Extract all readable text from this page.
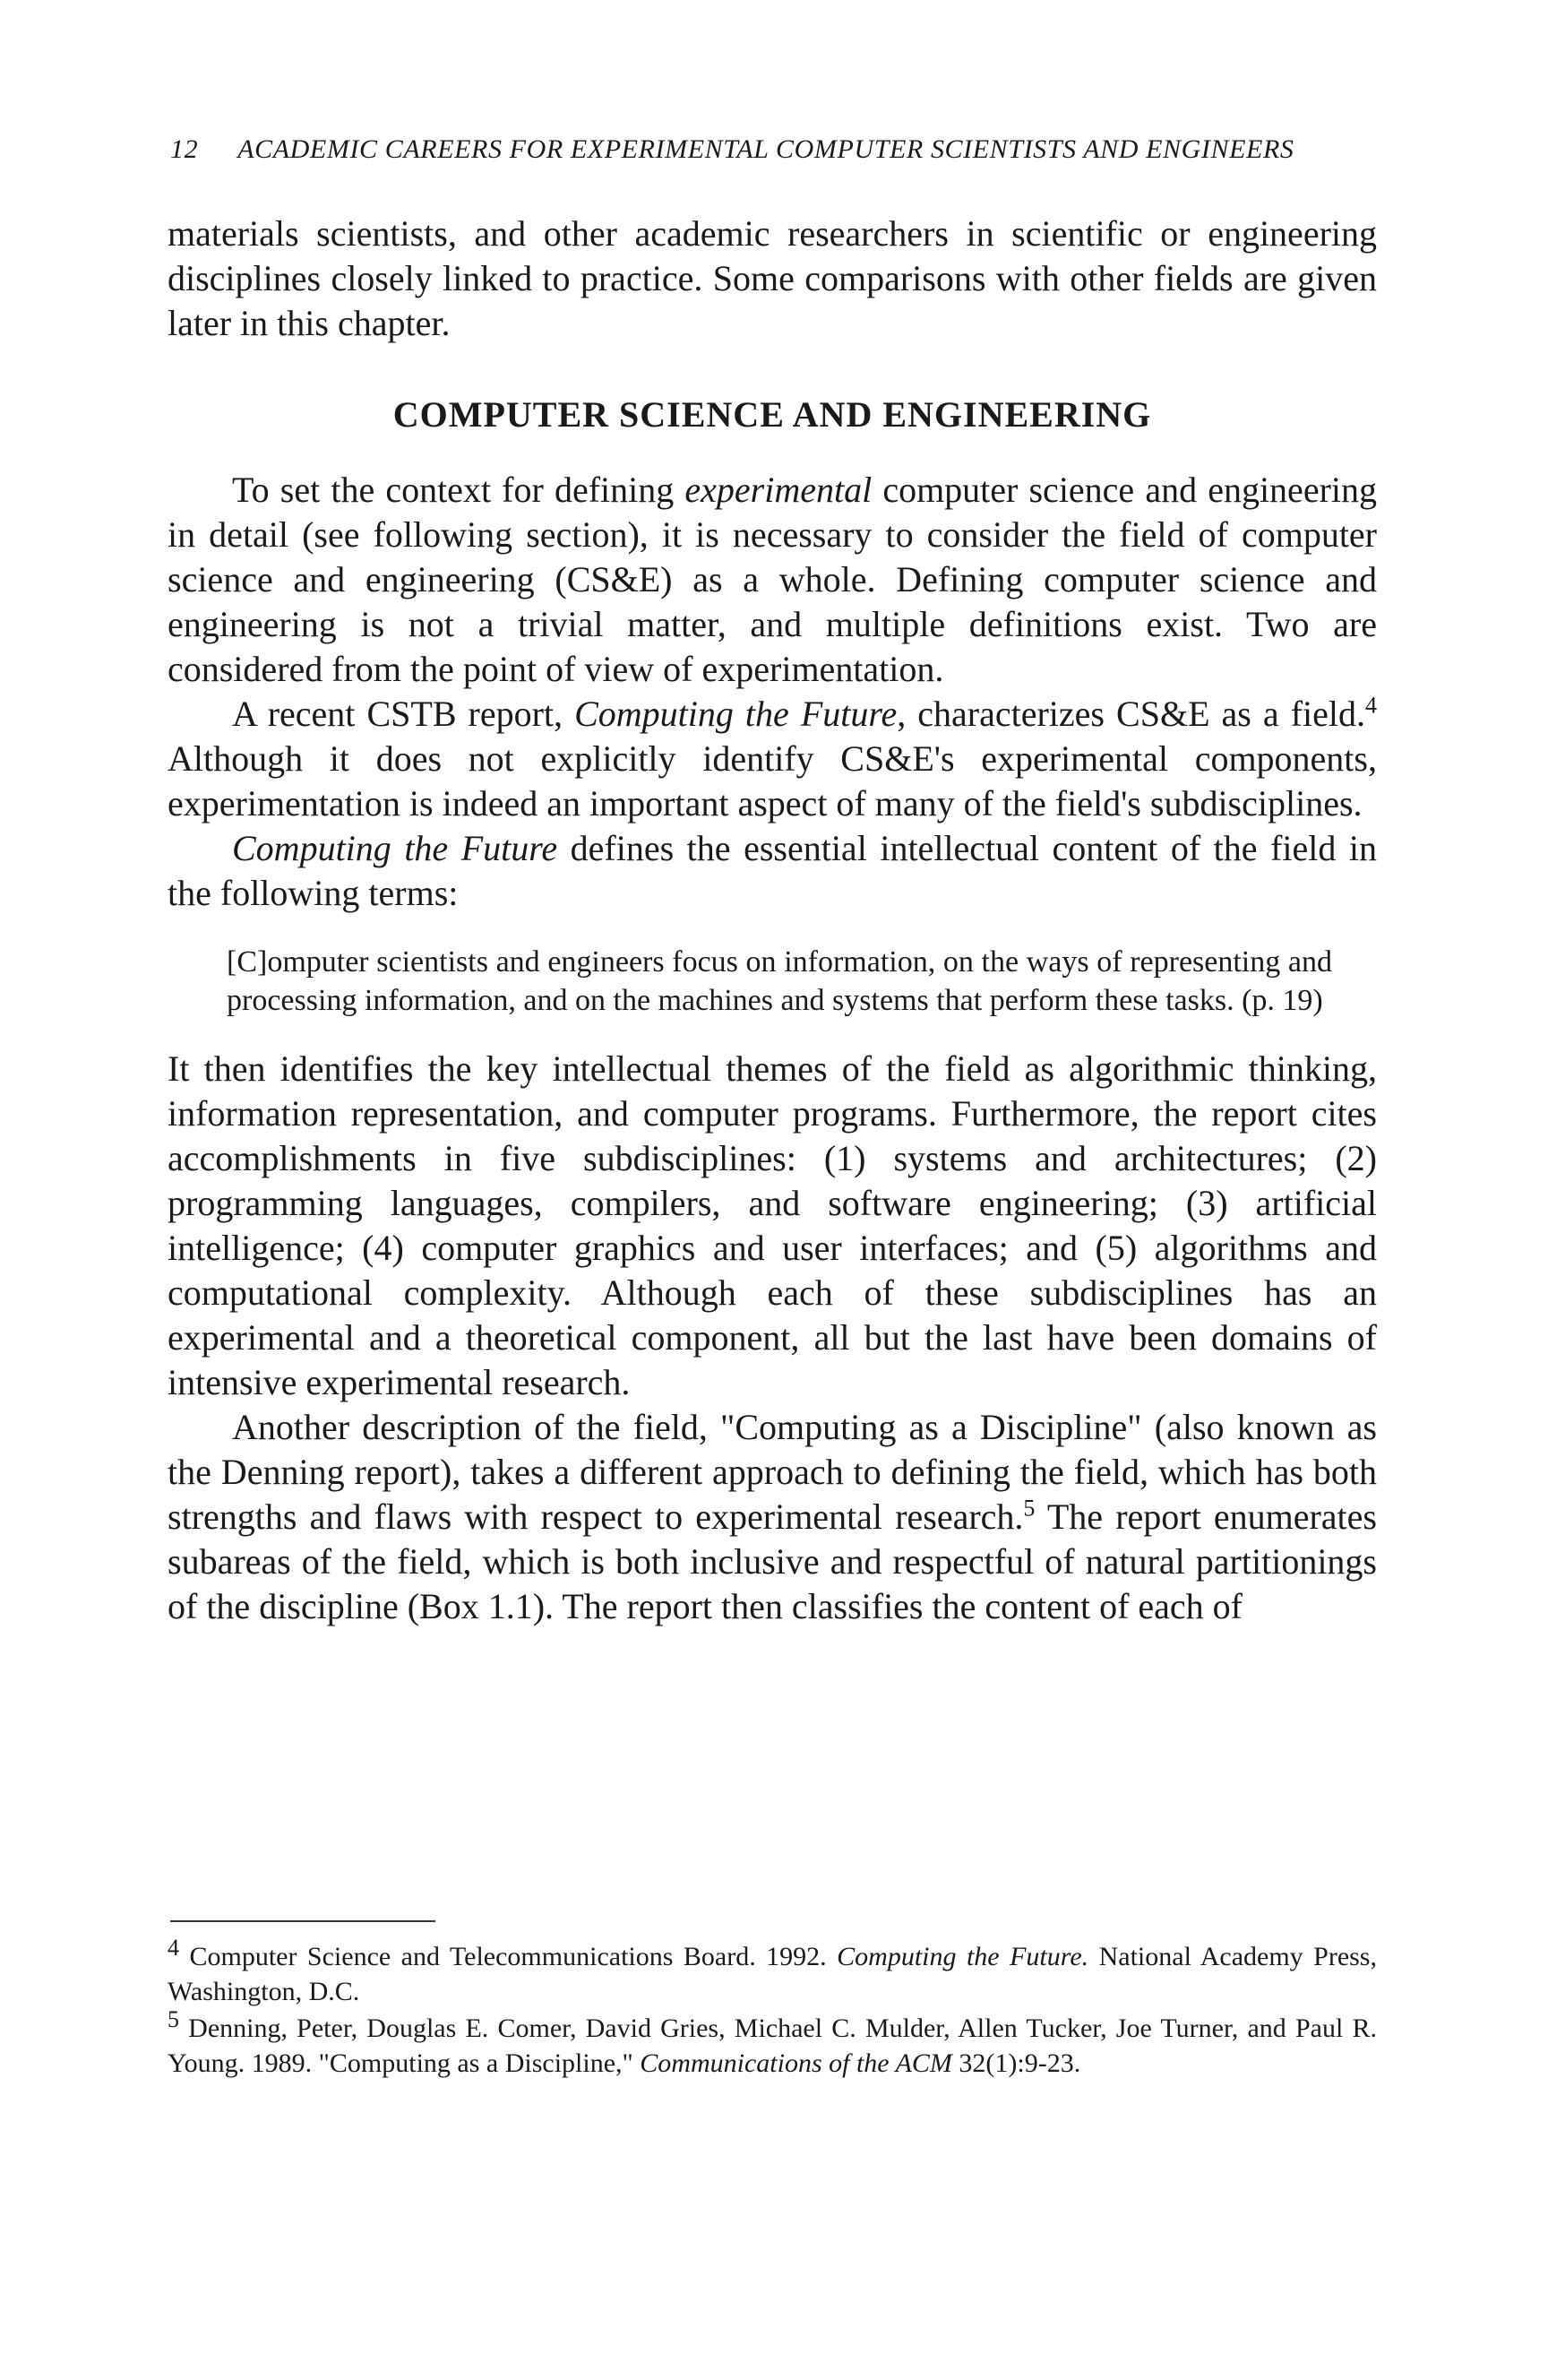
12 ACADEMIC CAREERS FOR EXPERIMENTAL COMPUTER SCIENTISTS AND ENGINEERS

materials scientists, and other academic researchers in scientific or engineering disciplines closely linked to practice. Some comparisons with other fields are given later in this chapter.

COMPUTER SCIENCE AND ENGINEERING

To set the context for defining experimental computer science and engineering in detail (see following section), it is necessary to consider the field of computer science and engineering (CS&E) as a whole. Defining computer science and engineering is not a trivial matter, and multiple definitions exist. Two are considered from the point of view of experimentation.

A recent CSTB report, Computing the Future, characterizes CS&E as a field.$^4$ Although it does not explicitly identify CS&E's experimental components, experimentation is indeed an important aspect of many of the field's subdisciplines.

Computing the Future defines the essential intellectual content of the field in the following terms:

[C]omputer scientists and engineers focus on information, on the ways of representing and processing information, and on the machines and systems that perform these tasks. (p. 19)

It then identifies the key intellectual themes of the field as algorithmic thinking, information representation, and computer programs. Furthermore, the report cites accomplishments in five subdisciplines: (1) systems and architectures; (2) programming languages, compilers, and software engineering; (3) artificial intelligence; (4) computer graphics and user interfaces; and (5) algorithms and computational complexity. Although each of these subdisciplines has an experimental and a theoretical component, all but the last have been domains of intensive experimental research.

Another description of the field, "Computing as a Discipline" (also known as the Denning report), takes a different approach to defining the field, which has both strengths and flaws with respect to experimental research.$^5$ The report enumerates subareas of the field, which is both inclusive and respectful of natural partitionings of the discipline (Box 1.1). The report then classifies the content of each of

4 Computer Science and Telecommunications Board. 1992. Computing the Future. National Academy Press, Washington, D.C.

5 Denning, Peter, Douglas E. Comer, David Gries, Michael C. Mulder, Allen Tucker, Joe Turner, and Paul R. Young. 1989. "Computing as a Discipline," Communications of the ACM 32(1):9-23.
